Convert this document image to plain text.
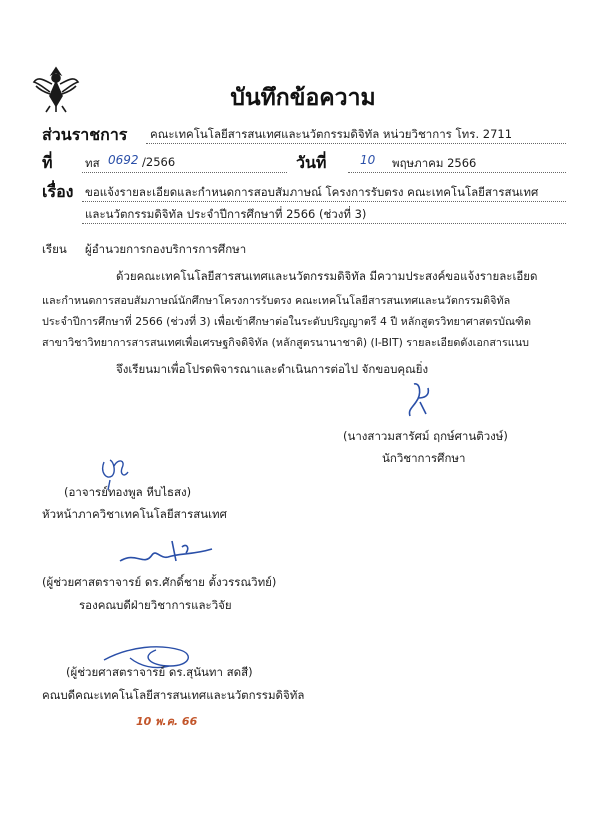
บันทึกข้อความ
ส่วนราชการ คณะเทคโนโลยีสารสนเทศและนวัตกรรมดิจิทัล หน่วยวิชาการ โทร. 2711
ที่	ทส 0692 /2566	วันที่	10 พฤษภาคม 2566
เรื่อง ขอแจ้งรายละเอียดและกำหนดการสอบสัมภาษณ์ โครงการรับตรง คณะเทคโนโลยีสารสนเทศ
และนวัตกรรมดิจิทัล ประจำปีการศึกษาที่ 2566 (ช่วงที่ 3)
เรียน ผู้อำนวยการกองบริการการศึกษา
ด้วยคณะเทคโนโลยีสารสนเทศและนวัตกรรมดิจิทัล มีความประสงค์ขอแจ้งรายละเอียด
และกำหนดการสอบสัมภาษณ์นักศึกษาโครงการรับตรง คณะเทคโนโลยีสารสนเทศและนวัตกรรมดิจิทัล
ประจำปีการศึกษาที่ 2566 (ช่วงที่ 3) เพื่อเข้าศึกษาต่อในระดับปริญญาตรี 4 ปี หลักสูตรวิทยาศาสตรบัณฑิต
สาขาวิชาวิทยาการสารสนเทศเพื่อเศรษฐกิจดิจิทัล (หลักสูตรนานาชาติ) (I-BIT) รายละเอียดดังเอกสารแนบ
จึงเรียนมาเพื่อโปรดพิจารณาและดำเนินการต่อไป จักขอบคุณยิ่ง
(นางสาวมสารัศม์ ฤกษ์ศานติวงษ์)
นักวิชาการศึกษา
(อาจารย์ทองพูล หีบไธสง)
หัวหน้าภาควิชาเทคโนโลยีสารสนเทศ
(ผู้ช่วยศาสตราจารย์ ดร.ศักดิ์ชาย ตั้งวรรณวิทย์)
รองคณบดีฝ่ายวิชาการและวิจัย
(ผู้ช่วยศาสตราจารย์ ดร.สุนันทา สดสี)
คณบดีคณะเทคโนโลยีสารสนเทศและนวัตกรรมดิจิทัล
10 พ.ค. 66
